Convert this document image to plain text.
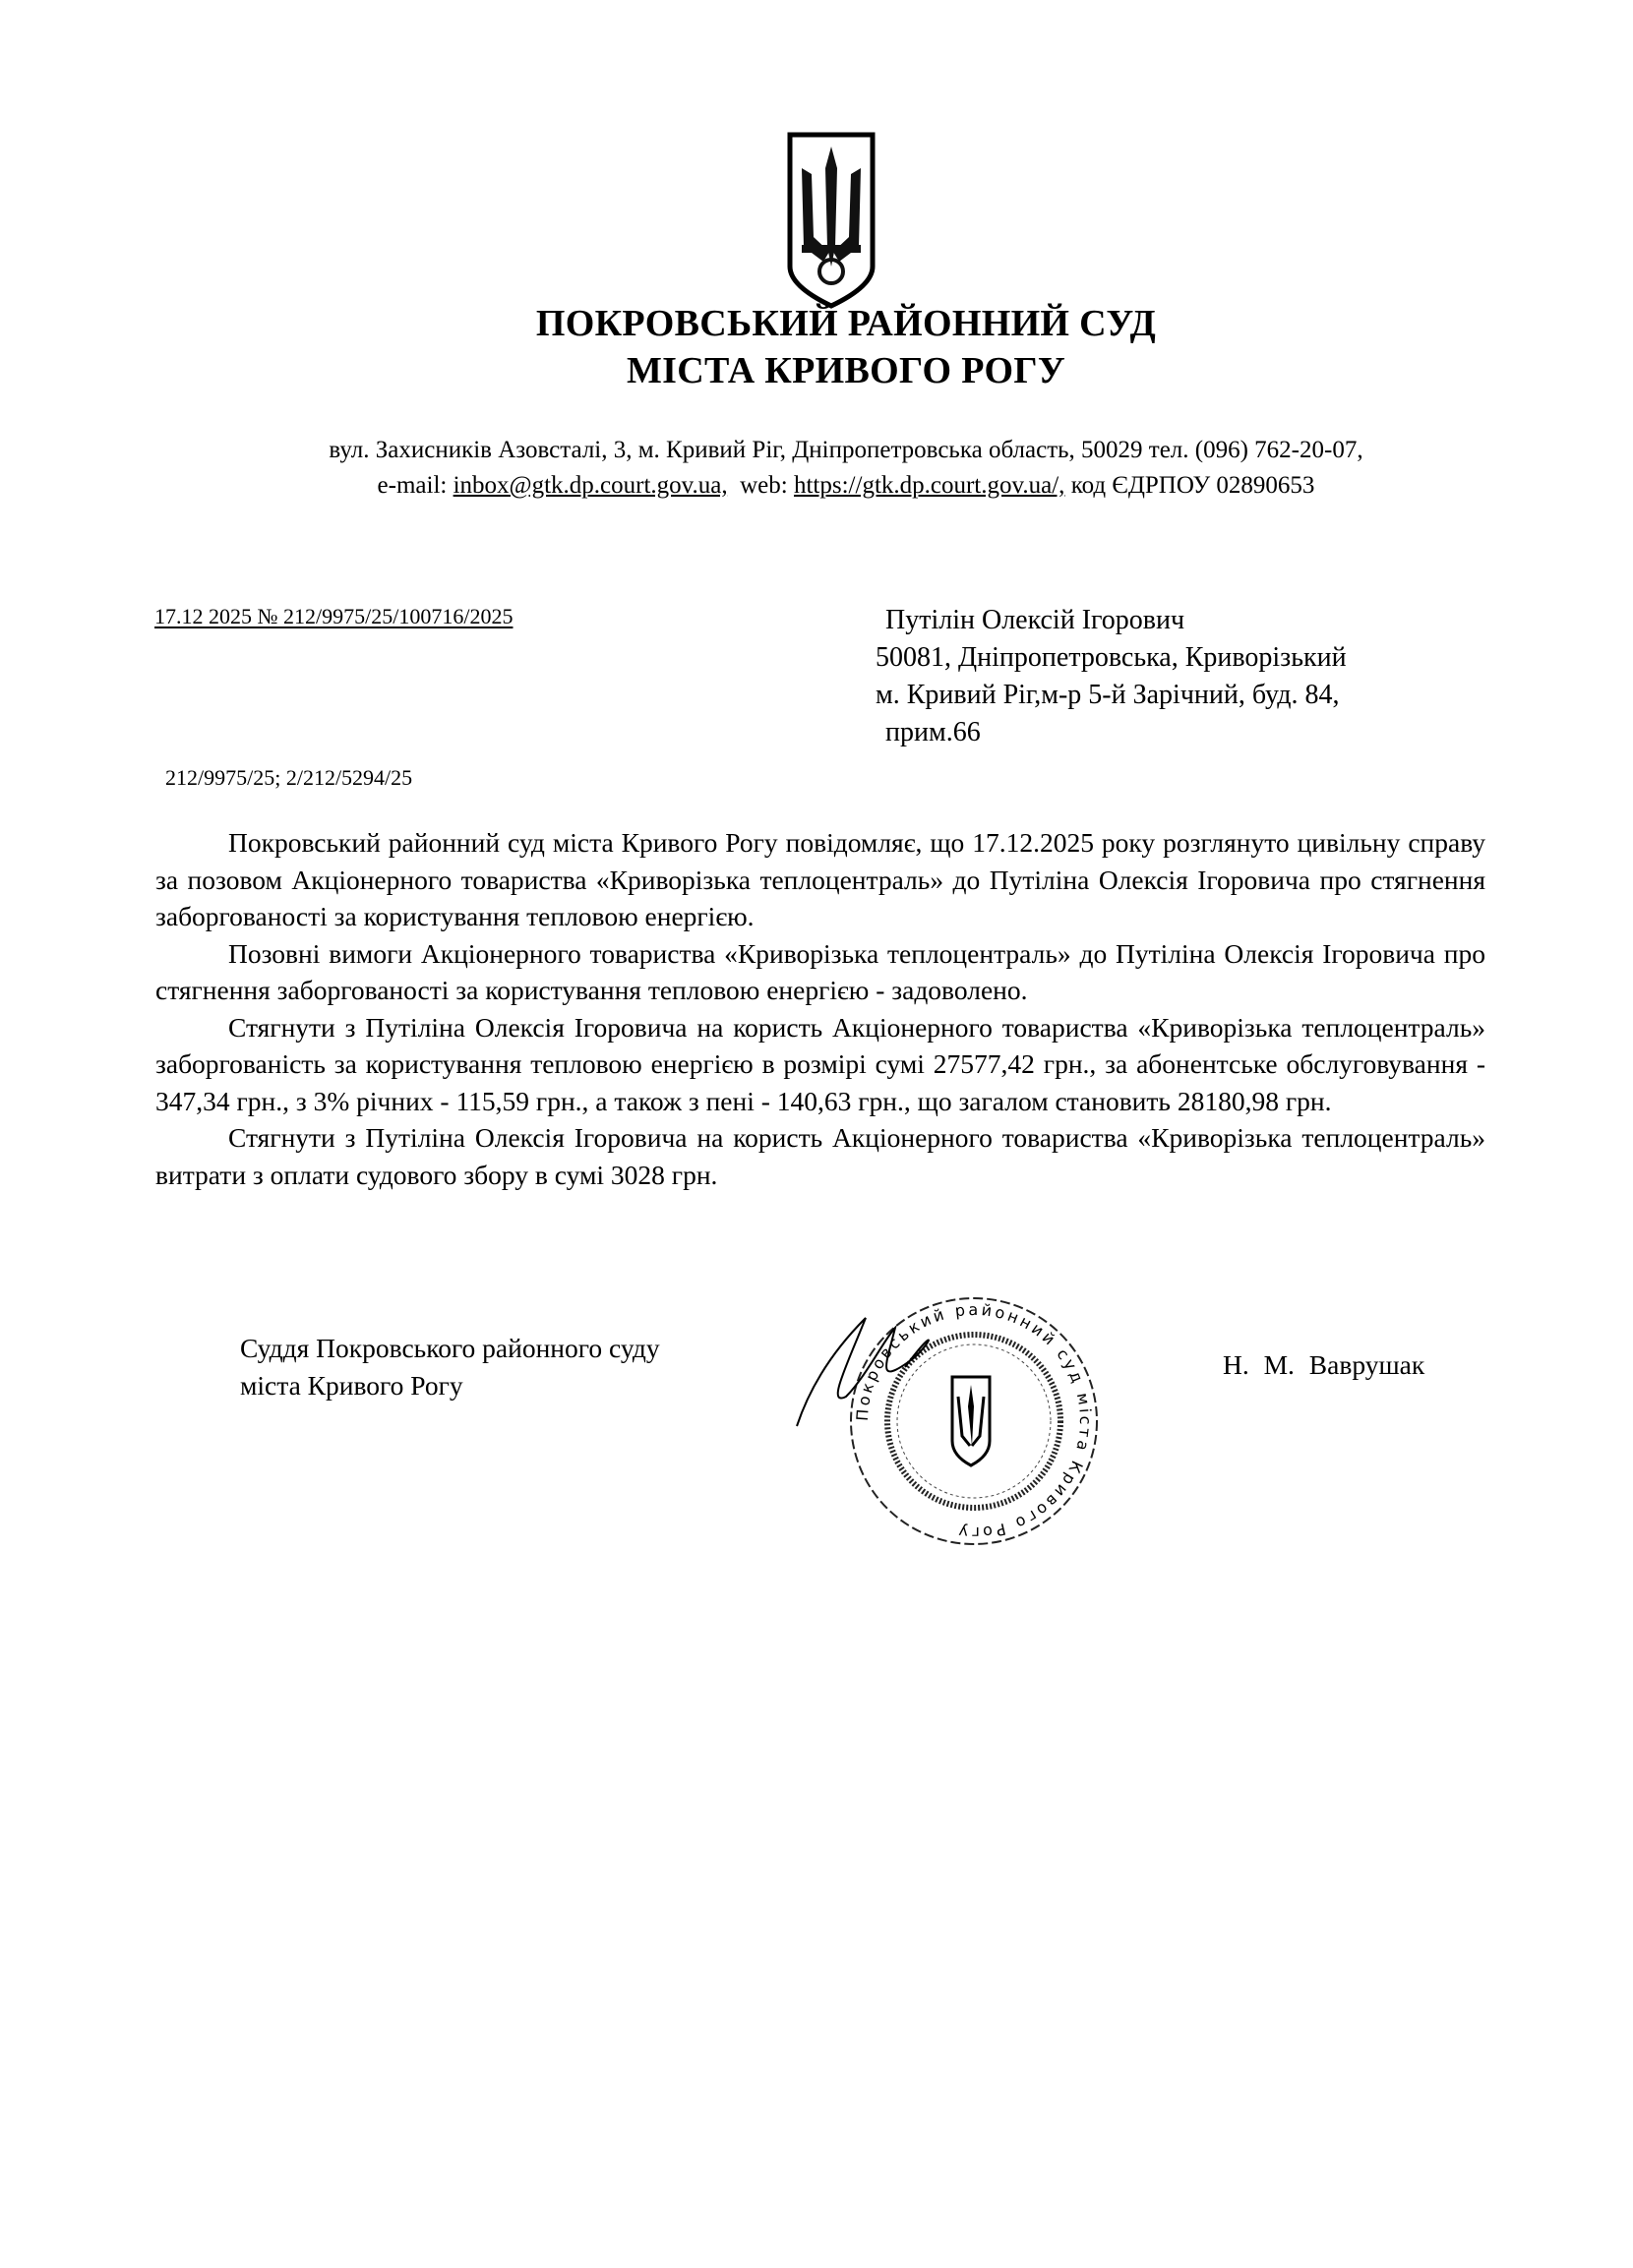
ПОКРОВСЬКИЙ РАЙОННИЙ СУД
МІСТА КРИВОГО РОГУ
вул. Захисників Азовсталі, 3, м. Кривий Ріг, Дніпропетровська область, 50029 тел. (096) 762-20-07,
e-mail: inbox@gtk.dp.court.gov.ua, web: https://gtk.dp.court.gov.ua/, код ЄДРПОУ 02890653
17.12 2025 № 212/9975/25/100716/2025	Путілін Олексій Ігорович
50081, Дніпропетровська, Криворізький
м. Кривий Ріг,м-р 5-й Зарічний, буд. 84,
прим.66
212/9975/25; 2/212/5294/25

Покровський районний суд міста Кривого Рогу повідомляє, що 17.12.2025 року розглянуто цивільну справу за позовом Акціонерного товариства «Криворізька теплоцентраль» до Путіліна Олексія Ігоровича про стягнення заборгованості за користування тепловою енергією.

Позовні вимоги Акціонерного товариства «Криворізька теплоцентраль» до Путіліна Олексія Ігоровича про стягнення заборгованості за користування тепловою енергією - задоволено.

Стягнути з Путіліна Олексія Ігоровича на користь Акціонерного товариства «Криворізька теплоцентраль» заборгованість за користування тепловою енергією в розмірі сумі 27577,42 грн., за абонентське обслуговування - 347,34 грн., з 3% річних - 115,59 грн., а також з пені - 140,63 грн., що загалом становить 28180,98 грн.

Стягнути з Путіліна Олексія Ігоровича на користь Акціонерного товариства «Криворізька теплоцентраль» витрати з оплати судового збору в сумі 3028 грн.

Суддя Покровського районного суду
міста Кривого Рогу
Покровський районний суд міста Кривого Рогу
Н. М. Ваврушак
